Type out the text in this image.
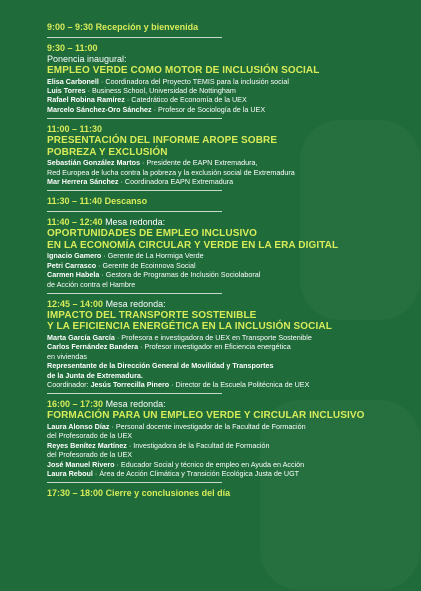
9:00 – 9:30 Recepción y bienvenida
9:30 – 11:00
Ponencia inaugural:
EMPLEO VERDE COMO MOTOR DE INCLUSIÓN SOCIAL
Elisa Carbonell · Coordinadora del Proyecto TEMIS para la inclusión social
Luis Torres · Business School, Universidad de Nottingham
Rafael Robina Ramírez · Catedrático de Economía de la UEX
Marcelo Sánchez-Oro Sánchez · Profesor de Sociología de la UEX
11:00 – 11:30
PRESENTACIÓN DEL INFORME AROPE SOBRE
POBREZA Y EXCLUSIÓN
Sebastián González Martos · Presidente de EAPN Extremadura,
Red Europea de lucha contra la pobreza y la exclusión social de Extremadura
Mar Herrera Sánchez · Coordinadora EAPN Extremadura
11:30 – 11:40 Descanso
11:40 – 12:40 Mesa redonda:
OPORTUNIDADES DE EMPLEO INCLUSIVO
EN LA ECONOMÍA CIRCULAR Y VERDE EN LA ERA DIGITAL
Ignacio Gamero · Gerente de La Hormiga Verde
Petri Carrasco · Gerente de Ecoinnova Social
Carmen Habela · Gestora de Programas de Inclusión Sociolaboral
de Acción contra el Hambre
12:45 – 14:00 Mesa redonda:
IMPACTO DEL TRANSPORTE SOSTENIBLE
Y LA EFICIENCIA ENERGÉTICA EN LA INCLUSIÓN SOCIAL
Marta García García · Profesora e investigadora de UEX en Transporte Sostenible
Carlos Fernández Bandera · Profesor investigador en Eficiencia energética
en viviendas
Representante de la Dirección General de Movilidad y Transportes
de la Junta de Extremadura.
Coordinador: Jesús Torrecilla Pinero · Director de la Escuela Politécnica de UEX
16:00 – 17:30 Mesa redonda:
FORMACIÓN PARA UN EMPLEO VERDE Y CIRCULAR INCLUSIVO
Laura Alonso Díaz · Personal docente investigador de la Facultad de Formación
del Profesorado de la UEX
Reyes Benítez Martínez · Investigadora de la Facultad de Formación
del Profesorado de la UEX
José Manuel Rivero · Educador Social y técnico de empleo en Ayuda en Acción
Laura Reboul · Área de Acción Climática y Transición Ecológica Justa de UGT
17:30 – 18:00 Cierre y conclusiones del día
